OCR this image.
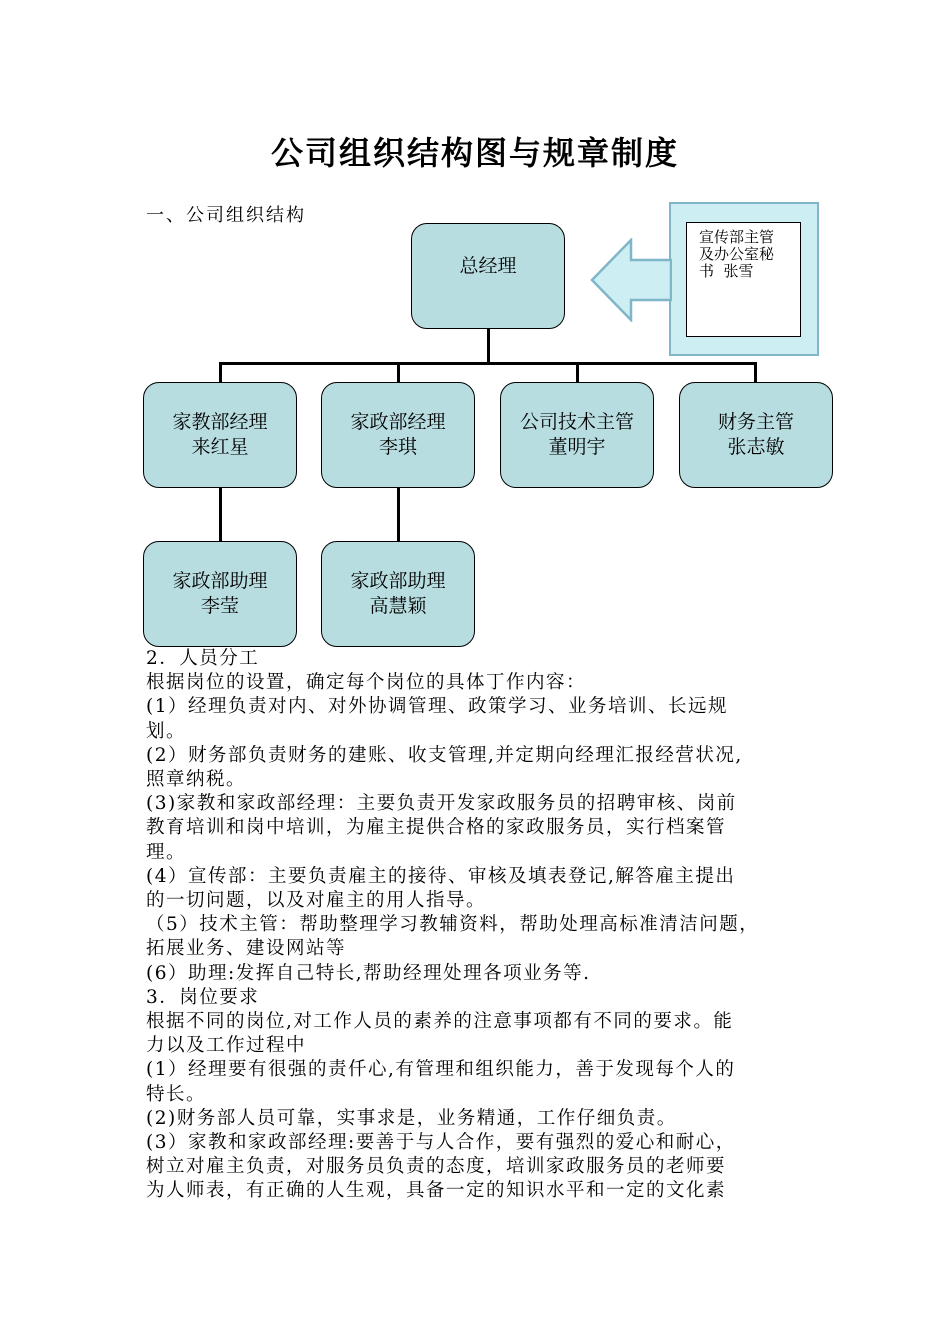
公司组织结构图与规章制度
一、公司组织结构
总经理
宣传部主管
及办公室秘
书  张雪
家教部经理
来红星
家政部经理
李琪
公司技术主管
董明宇
财务主管
张志敏
家政部助理
李莹
家政部助理
高慧颖

2．人员分工

根据岗位的设置，确定每个岗位的具体丁作内容：

(1）经理负责对内、对外协调管理、政策学习、业务培训、长远规

划。

(2）财务部负责财务的建账、收支管理,并定期向经理汇报经营状况,

照章纳税。

(3)家教和家政部经理：主要负责开发家政服务员的招聘审核、岗前

教育培训和岗中培训，为雇主提供合格的家政服务员，实行档案管

理。

(4）宣传部：主要负责雇主的接待、审核及填表登记,解答雇主提出

的一切问题，以及对雇主的用人指导。

（5）技术主管：帮助整理学习教辅资料，帮助处理高标准清洁问题，

拓展业务、建设网站等

(6）助理:发挥自己特长,帮助经理处理各项业务等.

3．岗位要求

根据不同的岗位,对工作人员的素养的注意事项都有不同的要求。能

力以及工作过程中

(1）经理要有很强的责仟心,有管理和组织能力，善于发现每个人的

特长。

(2)财务部人员可靠，实事求是，业务精通，工作仔细负责。

(3）家教和家政部经理:要善于与人合作，要有强烈的爱心和耐心，

树立对雇主负责，对服务员负责的态度，培训家政服务员的老师要

为人师表，有正确的人生观，具备一定的知识水平和一定的文化素
